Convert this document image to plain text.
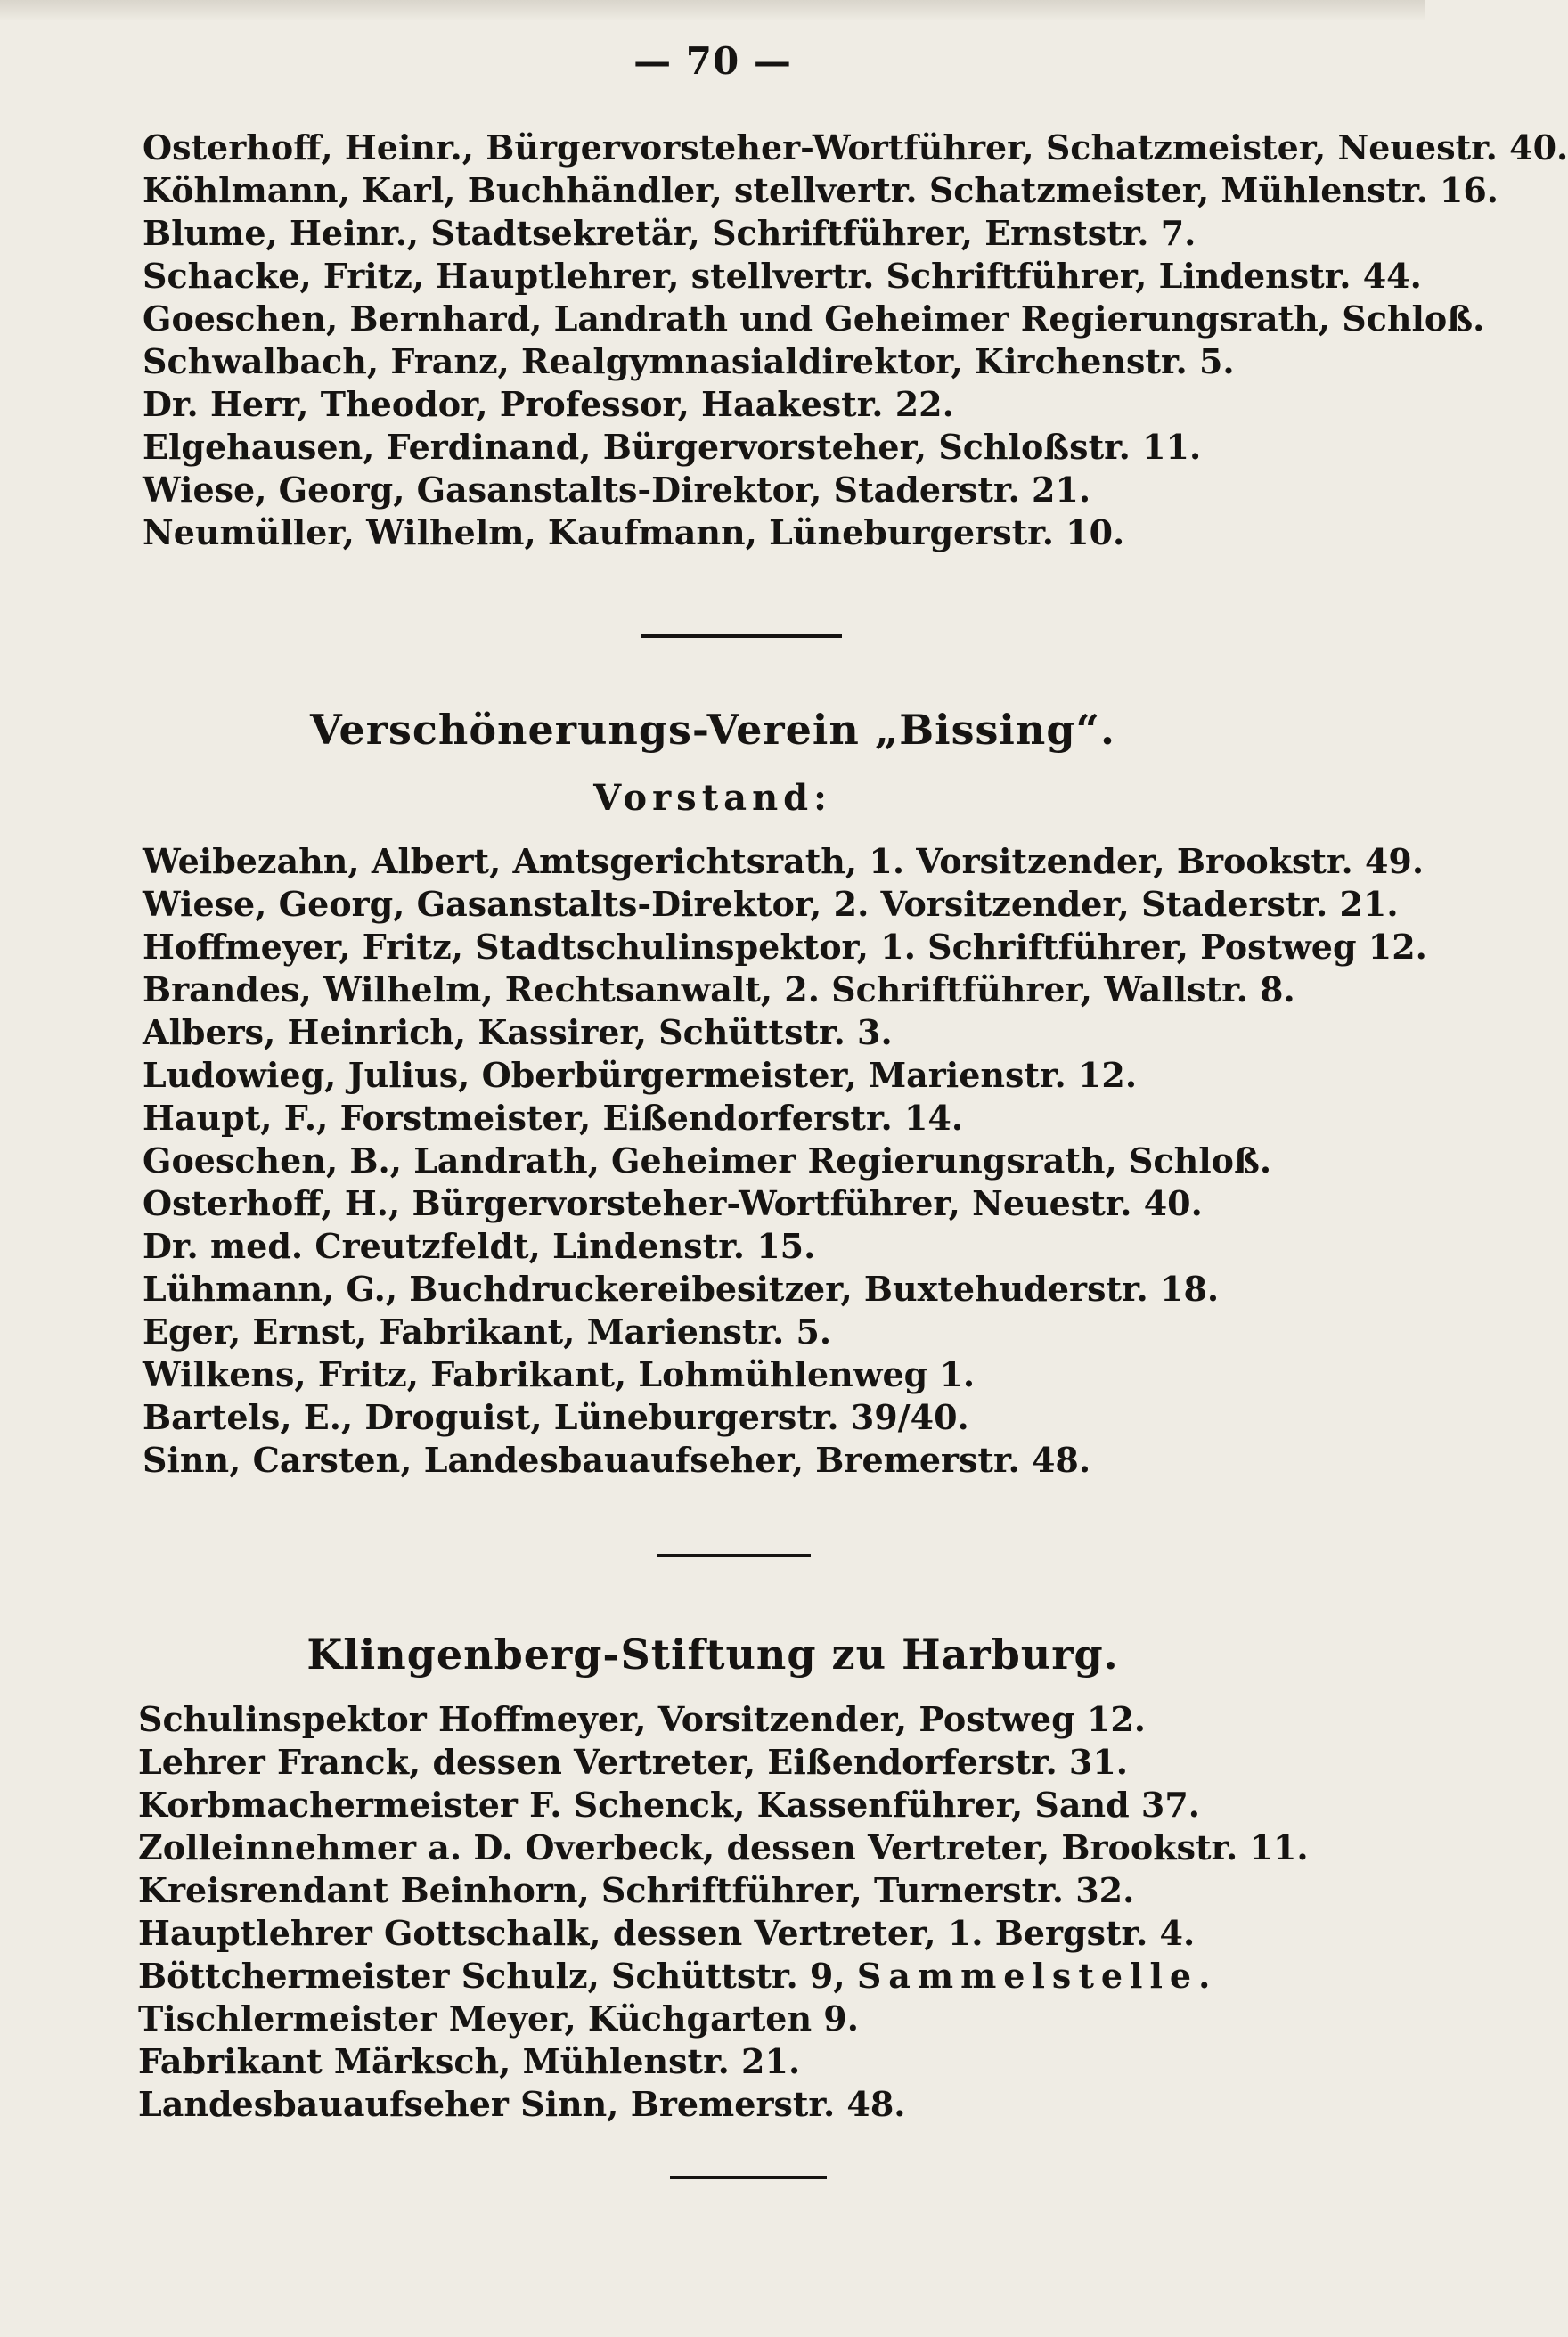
— 70 —
Osterhoff, Heinr., Bürgervorsteher-Wortführer, Schatzmeister, Neuestr. 40.
Köhlmann, Karl, Buchhändler, stellvertr. Schatzmeister, Mühlenstr. 16.
Blume, Heinr., Stadtsekretär, Schriftführer, Ernststr. 7.
Schacke, Fritz, Hauptlehrer, stellvertr. Schriftführer, Lindenstr. 44.
Goeschen, Bernhard, Landrath und Geheimer Regierungsrath, Schloß.
Schwalbach, Franz, Realgymnasialdirektor, Kirchenstr. 5.
Dr. Herr, Theodor, Professor, Haakestr. 22.
Elgehausen, Ferdinand, Bürgervorsteher, Schloßstr. 11.
Wiese, Georg, Gasanstalts-Direktor, Staderstr. 21.
Neumüller, Wilhelm, Kaufmann, Lüneburgerstr. 10.
Verschönerungs-Verein „Bissing“.
Vorstand:
Weibezahn, Albert, Amtsgerichtsrath, 1. Vorsitzender, Brookstr. 49.
Wiese, Georg, Gasanstalts-Direktor, 2. Vorsitzender, Staderstr. 21.
Hoffmeyer, Fritz, Stadtschulinspektor, 1. Schriftführer, Postweg 12.
Brandes, Wilhelm, Rechtsanwalt, 2. Schriftführer, Wallstr. 8.
Albers, Heinrich, Kassirer, Schüttstr. 3.
Ludowieg, Julius, Oberbürgermeister, Marienstr. 12.
Haupt, F., Forstmeister, Eißendorferstr. 14.
Goeschen, B., Landrath, Geheimer Regierungsrath, Schloß.
Osterhoff, H., Bürgervorsteher-Wortführer, Neuestr. 40.
Dr. med. Creutzfeldt, Lindenstr. 15.
Lühmann, G., Buchdruckereibesitzer, Buxtehuderstr. 18.
Eger, Ernst, Fabrikant, Marienstr. 5.
Wilkens, Fritz, Fabrikant, Lohmühlenweg 1.
Bartels, E., Droguist, Lüneburgerstr. 39/40.
Sinn, Carsten, Landesbauaufseher, Bremerstr. 48.
Klingenberg-Stiftung zu Harburg.
Schulinspektor Hoffmeyer, Vorsitzender, Postweg 12.
Lehrer Franck, dessen Vertreter, Eißendorferstr. 31.
Korbmachermeister F. Schenck, Kassenführer, Sand 37.
Zolleinnehmer a. D. Overbeck, dessen Vertreter, Brookstr. 11.
Kreisrendant Beinhorn, Schriftführer, Turnerstr. 32.
Hauptlehrer Gottschalk, dessen Vertreter, 1. Bergstr. 4.
Böttchermeister Schulz, Schüttstr. 9, Sammelstelle.
Tischlermeister Meyer, Küchgarten 9.
Fabrikant Märksch, Mühlenstr. 21.
Landesbauaufseher Sinn, Bremerstr. 48.
